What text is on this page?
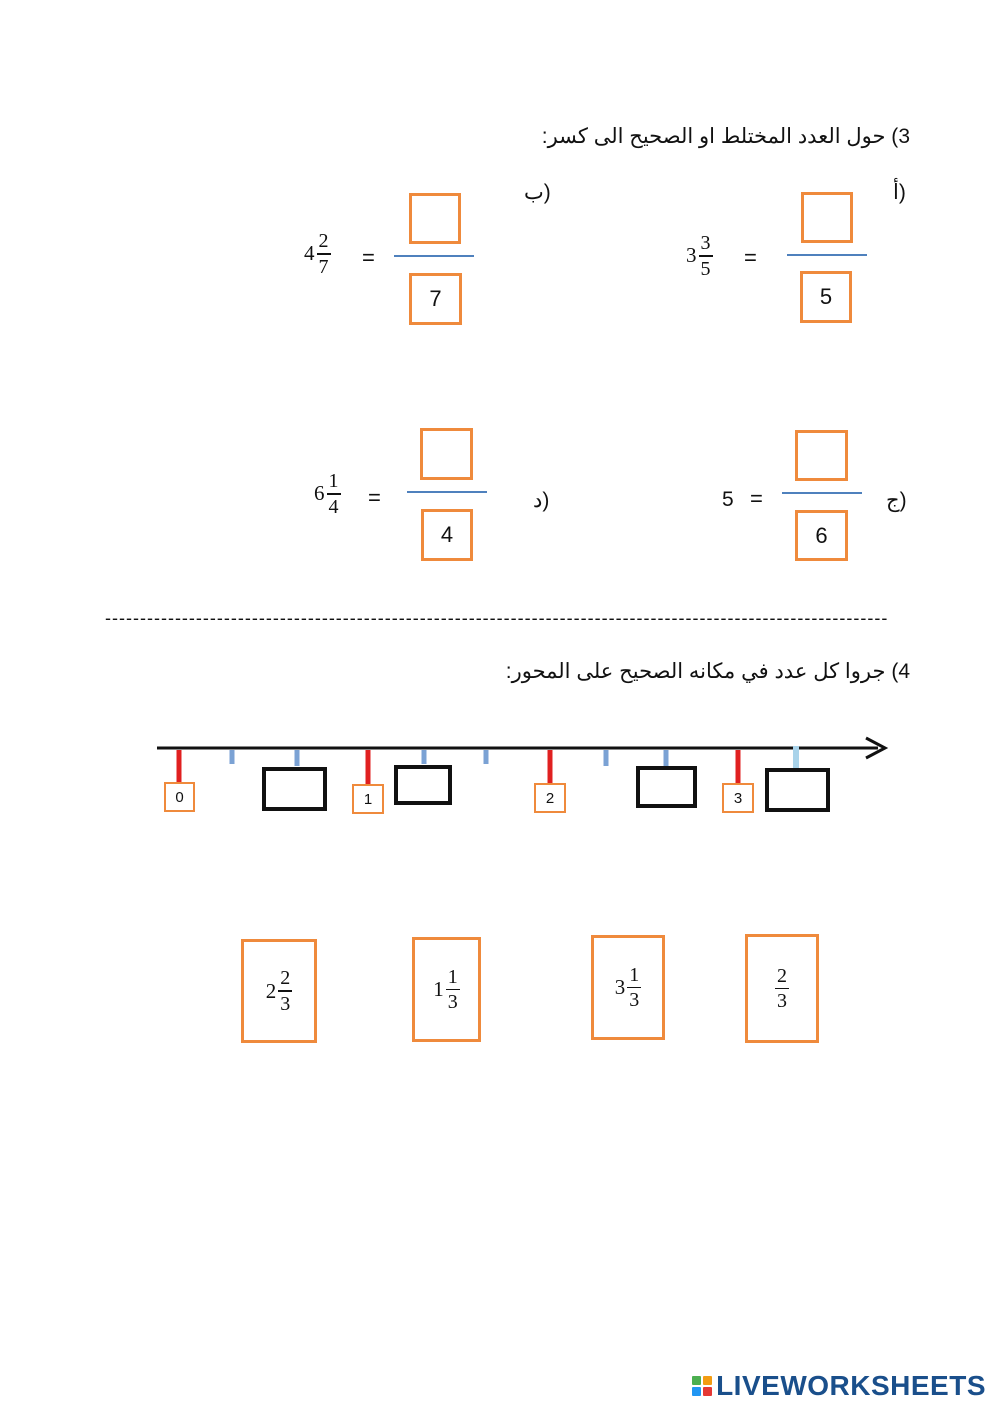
3) حول العدد المختلط او الصحيح الى كسر:
أ)
5
=
$3 \frac{3}{5}$
ب)
7
=
$4 \frac{2}{7}$
ج)
6
=
5
د)
4
=
$6 \frac{1}{4}$
----------------------------------------------------------------------------------------------------------------
4) جروا كل عدد في مكانه الصحيح على المحور:
0	1	2	3
$2 \frac{2}{3}$	$1 \frac{1}{3}$	$3 \frac{1}{3}$	$\frac{2}{3}$
LIVEWORKSHEETS
